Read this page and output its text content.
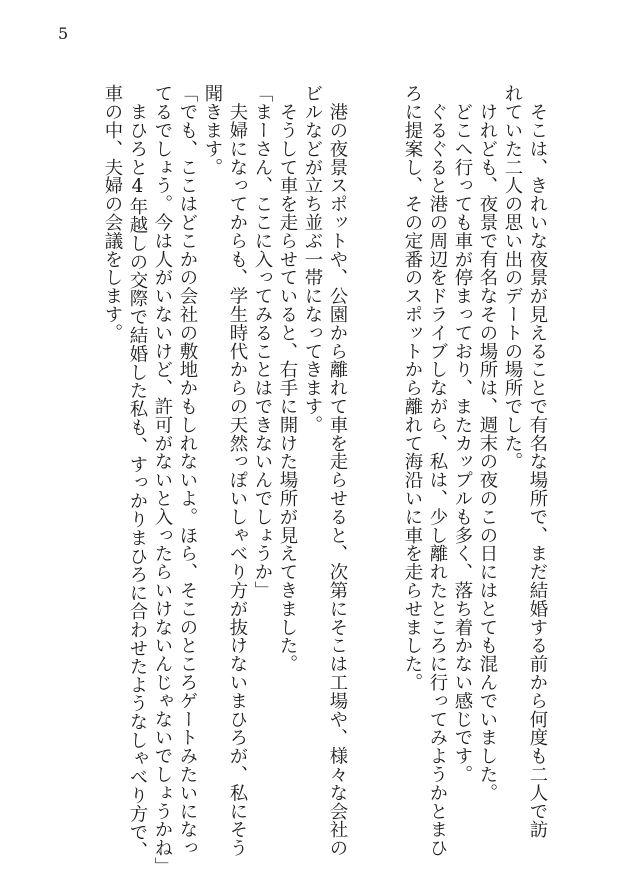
5
　そこは、きれいな夜景が見えることで有名な場所で、まだ結婚する前から何度も二人で訪
れていた二人の思い出のデートの場所でした。
　けれども、夜景で有名なその場所は、週末の夜のこの日にはとても混んでいました。
　どこへ行っても車が停まっており、またカップルも多く、落ち着かない感じです。
　ぐるぐると港の周辺をドライブしながら、私は、少し離れたところに行ってみようかとまひ
ろに提案し、その定番のスポットから離れて海沿いに車を走らせました。
　港の夜景スポットや、公園から離れて車を走らせると、次第にそこは工場や、様々な会社の
ビルなどが立ち並ぶ一帯になってきます。
　そうして車を走らせていると、右手に開けた場所が見えてきました。
「まーさん、ここに入ってみることはできないんでしょうか」
　夫婦になってからも、学生時代からの天然っぽいしゃべり方が抜けないまひろが、私にそう
聞きます。
「でも、ここはどこかの会社の敷地かもしれないよ。ほら、そこのところゲートみたいになっ
てるでしょう。今は人がいないけど、許可がないと入ったらいけないんじゃないでしょうかね」
　まひろと4年越しの交際で結婚した私も、すっかりまひろに合わせたようなしゃべり方で、
車の中、夫婦の会議をします。
